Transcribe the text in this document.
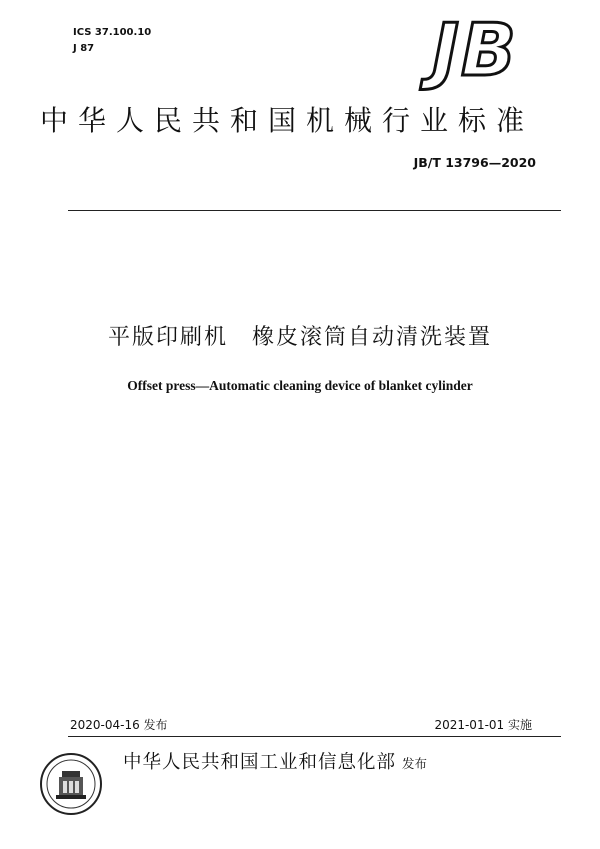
ICS 37.100.10
J 87	JB
中华人民共和国机械行业标准
JB/T 13796—2020
平版印刷机　橡皮滚筒自动清洗装置
Offset press—Automatic cleaning device of blanket cylinder
2020-04-16 发布	2021-01-01 实施
中华人民共和国工业和信息化部 发布
